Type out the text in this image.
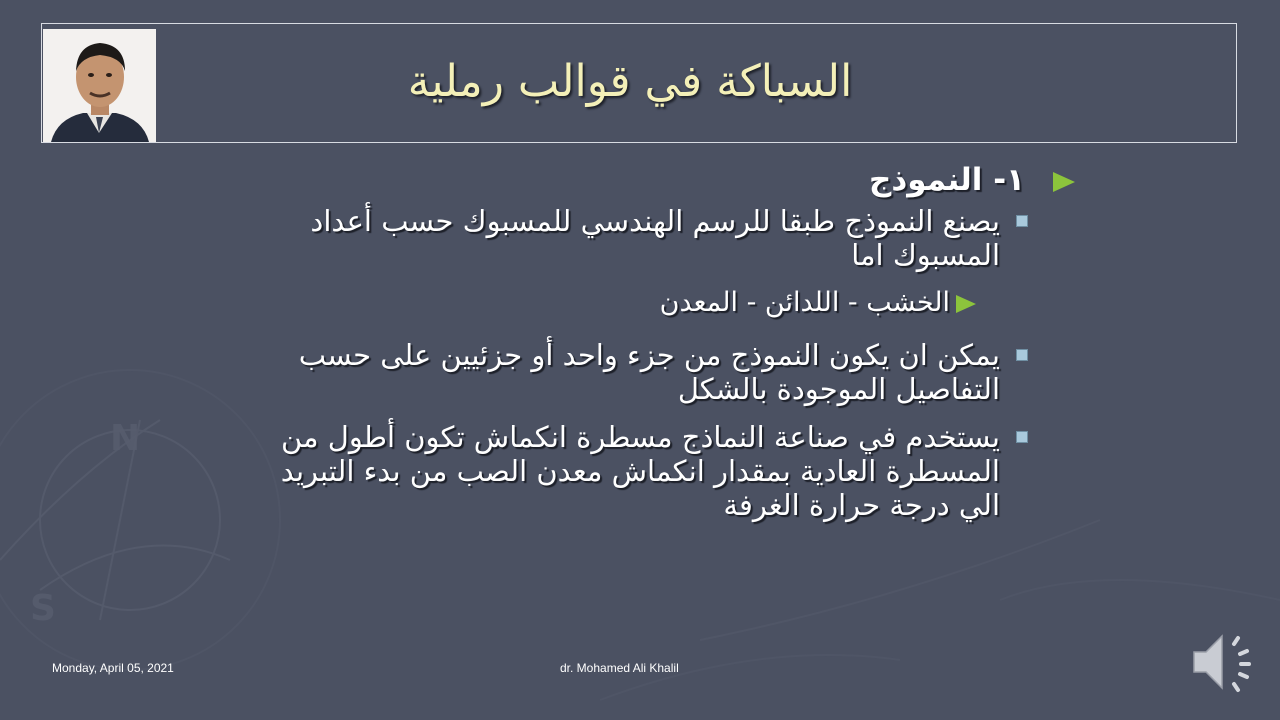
N
S
السباكة في قوالب رملية
١- النموذج
يصنع النموذج طبقا للرسم الهندسي للمسبوك حسب أعداد المسبوك اما
الخشب - اللدائن - المعدن
يمكن ان يكون النموذج من جزء واحد أو جزئيين على حسب التفاصيل الموجودة بالشكل
يستخدم في صناعة النماذج مسطرة انكماش تكون أطول من المسطرة العادية بمقدار انكماش معدن الصب من بدء التبريد الي درجة حرارة الغرفة
Monday, April 05, 2021	dr. Mohamed Ali Khalil
